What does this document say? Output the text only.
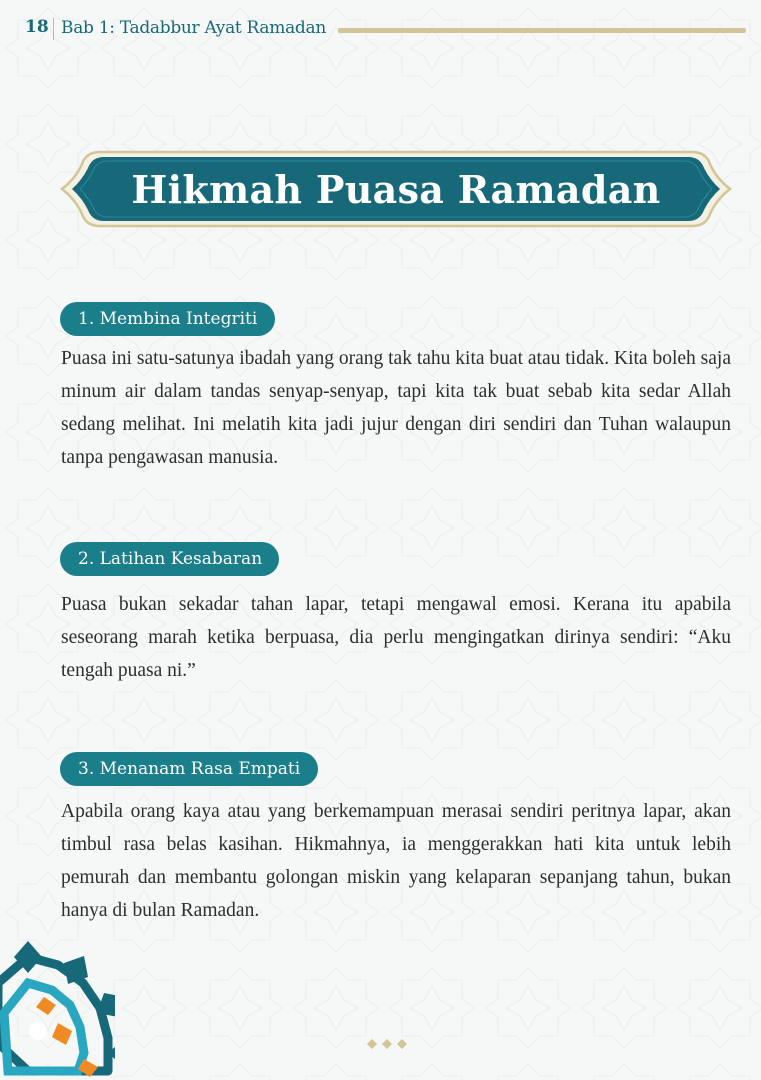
18 Bab 1: Tadabbur Ayat Ramadan
Hikmah Puasa Ramadan
1. Membina Integriti

Puasa ini satu-satunya ibadah yang orang tak tahu kita buat atau tidak. Kita boleh saja minum air dalam tandas senyap-senyap, tapi kita tak buat sebab kita sedar Allah sedang melihat. Ini melatih kita jadi jujur dengan diri sendiri dan Tuhan walaupun tanpa pengawasan manusia.

2. Latihan Kesabaran

Puasa bukan sekadar tahan lapar, tetapi mengawal emosi. Kerana itu apabila seseorang marah ketika berpuasa, dia perlu mengingatkan dirinya sendiri: “Aku tengah puasa ni.”

3. Menanam Rasa Empati

Apabila orang kaya atau yang berkemampuan merasai sendiri peritnya lapar, akan timbul rasa belas kasihan. Hikmahnya, ia menggerakkan hati kita untuk lebih pemurah dan membantu golongan miskin yang kelaparan sepanjang tahun, bukan hanya di bulan Ramadan.
